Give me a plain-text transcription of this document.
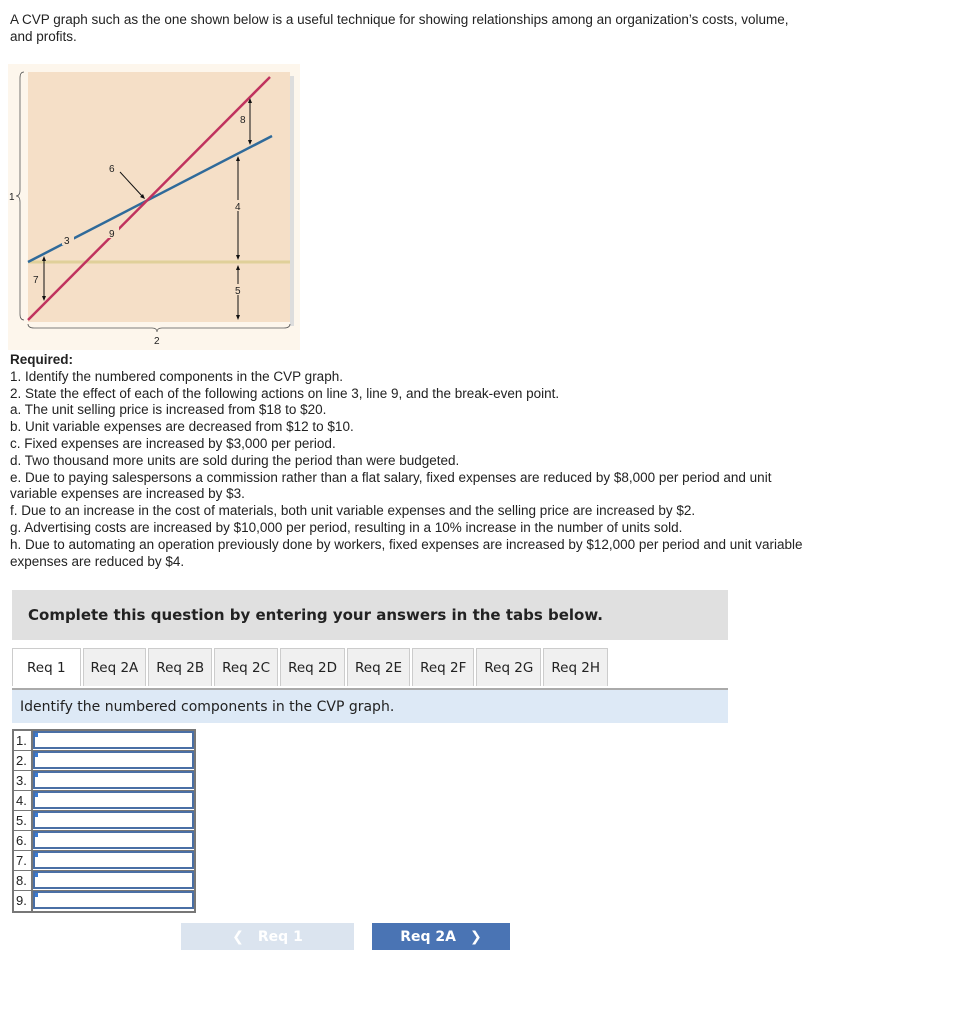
A CVP graph such as the one shown below is a useful technique for showing relationships among an organization’s costs, volume, and profits.
1
2
3
4
5
6
7
8
9
Required:
1. Identify the numbered components in the CVP graph.
2. State the effect of each of the following actions on line 3, line 9, and the break-even point.
a. The unit selling price is increased from $18 to $20.
b. Unit variable expenses are decreased from $12 to $10.
c. Fixed expenses are increased by $3,000 per period.
d. Two thousand more units are sold during the period than were budgeted.
e. Due to paying salespersons a commission rather than a flat salary, fixed expenses are reduced by $8,000 per period and unit variable expenses are increased by $3.
f. Due to an increase in the cost of materials, both unit variable expenses and the selling price are increased by $2.
g. Advertising costs are increased by $10,000 per period, resulting in a 10% increase in the number of units sold.
h. Due to automating an operation previously done by workers, fixed expenses are increased by $12,000 per period and unit variable expenses are reduced by $4.
Complete this question by entering your answers in the tabs below.
Req 1	Req 2A	Req 2B	Req 2C	Req 2D	Req 2E	Req 2F	Req 2G	Req 2H
Identify the numbered components in the CVP graph.
1.
2.
3.
4.
5.
6.
7.
8.
9.
❮ Req 1	Req 2A ❯
